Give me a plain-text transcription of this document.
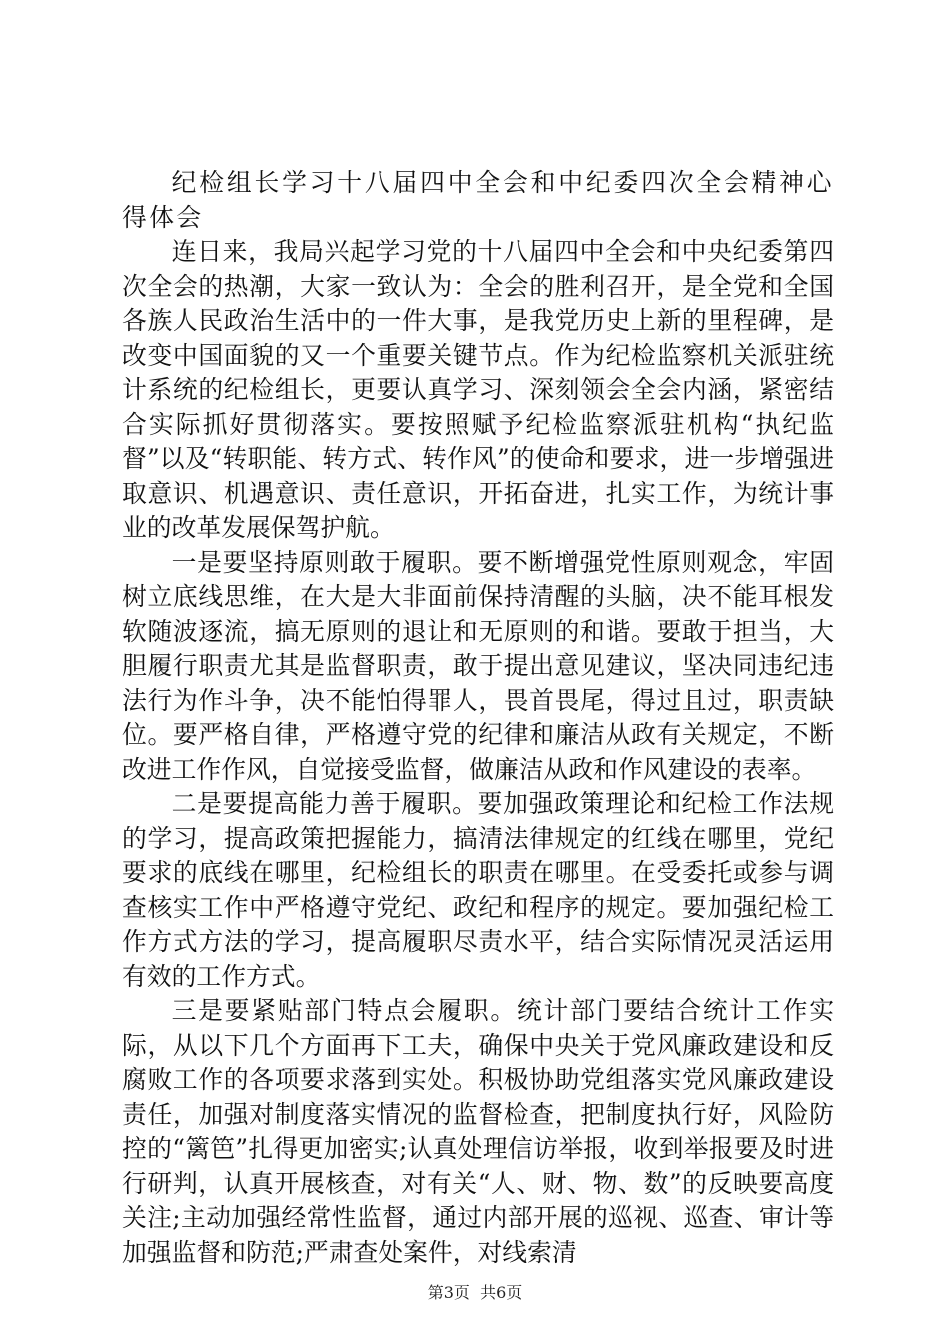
纪检组长学习十八届四中全会和中纪委四次全会精神心得体会

连日来，我局兴起学习党的十八届四中全会和中央纪委第四次全会的热潮，大家一致认为：全会的胜利召开，是全党和全国各族人民政治生活中的一件大事，是我党历史上新的里程碑，是改变中国面貌的又一个重要关键节点。作为纪检监察机关派驻统计系统的纪检组长，更要认真学习、深刻领会全会内涵，紧密结合实际抓好贯彻落实。要按照赋予纪检监察派驻机构“执纪监督”以及“转职能、转方式、转作风”的使命和要求，进一步增强进取意识、机遇意识、责任意识，开拓奋进，扎实工作，为统计事业的改革发展保驾护航。

一是要坚持原则敢于履职。要不断增强党性原则观念，牢固树立底线思维，在大是大非面前保持清醒的头脑，决不能耳根发软随波逐流，搞无原则的退让和无原则的和谐。要敢于担当，大胆履行职责尤其是监督职责，敢于提出意见建议，坚决同违纪违法行为作斗争，决不能怕得罪人，畏首畏尾，得过且过，职责缺位。要严格自律，严格遵守党的纪律和廉洁从政有关规定，不断改进工作作风，自觉接受监督，做廉洁从政和作风建设的表率。

二是要提高能力善于履职。要加强政策理论和纪检工作法规的学习，提高政策把握能力，搞清法律规定的红线在哪里，党纪要求的底线在哪里，纪检组长的职责在哪里。在受委托或参与调查核实工作中严格遵守党纪、政纪和程序的规定。要加强纪检工作方式方法的学习，提高履职尽责水平，结合实际情况灵活运用有效的工作方式。

三是要紧贴部门特点会履职。统计部门要结合统计工作实际，从以下几个方面再下工夫，确保中央关于党风廉政建设和反腐败工作的各项要求落到实处。积极协助党组落实党风廉政建设责任，加强对制度落实情况的监督检查，把制度执行好，风险防控的“篱笆”扎得更加密实;认真处理信访举报，收到举报要及时进行研判，认真开展核查，对有关“人、财、物、数”的反映要高度关注;主动加强经常性监督，通过内部开展的巡视、巡查、审计等加强监督和防范;严肃查处案件，对线索清

第3页  共6页
